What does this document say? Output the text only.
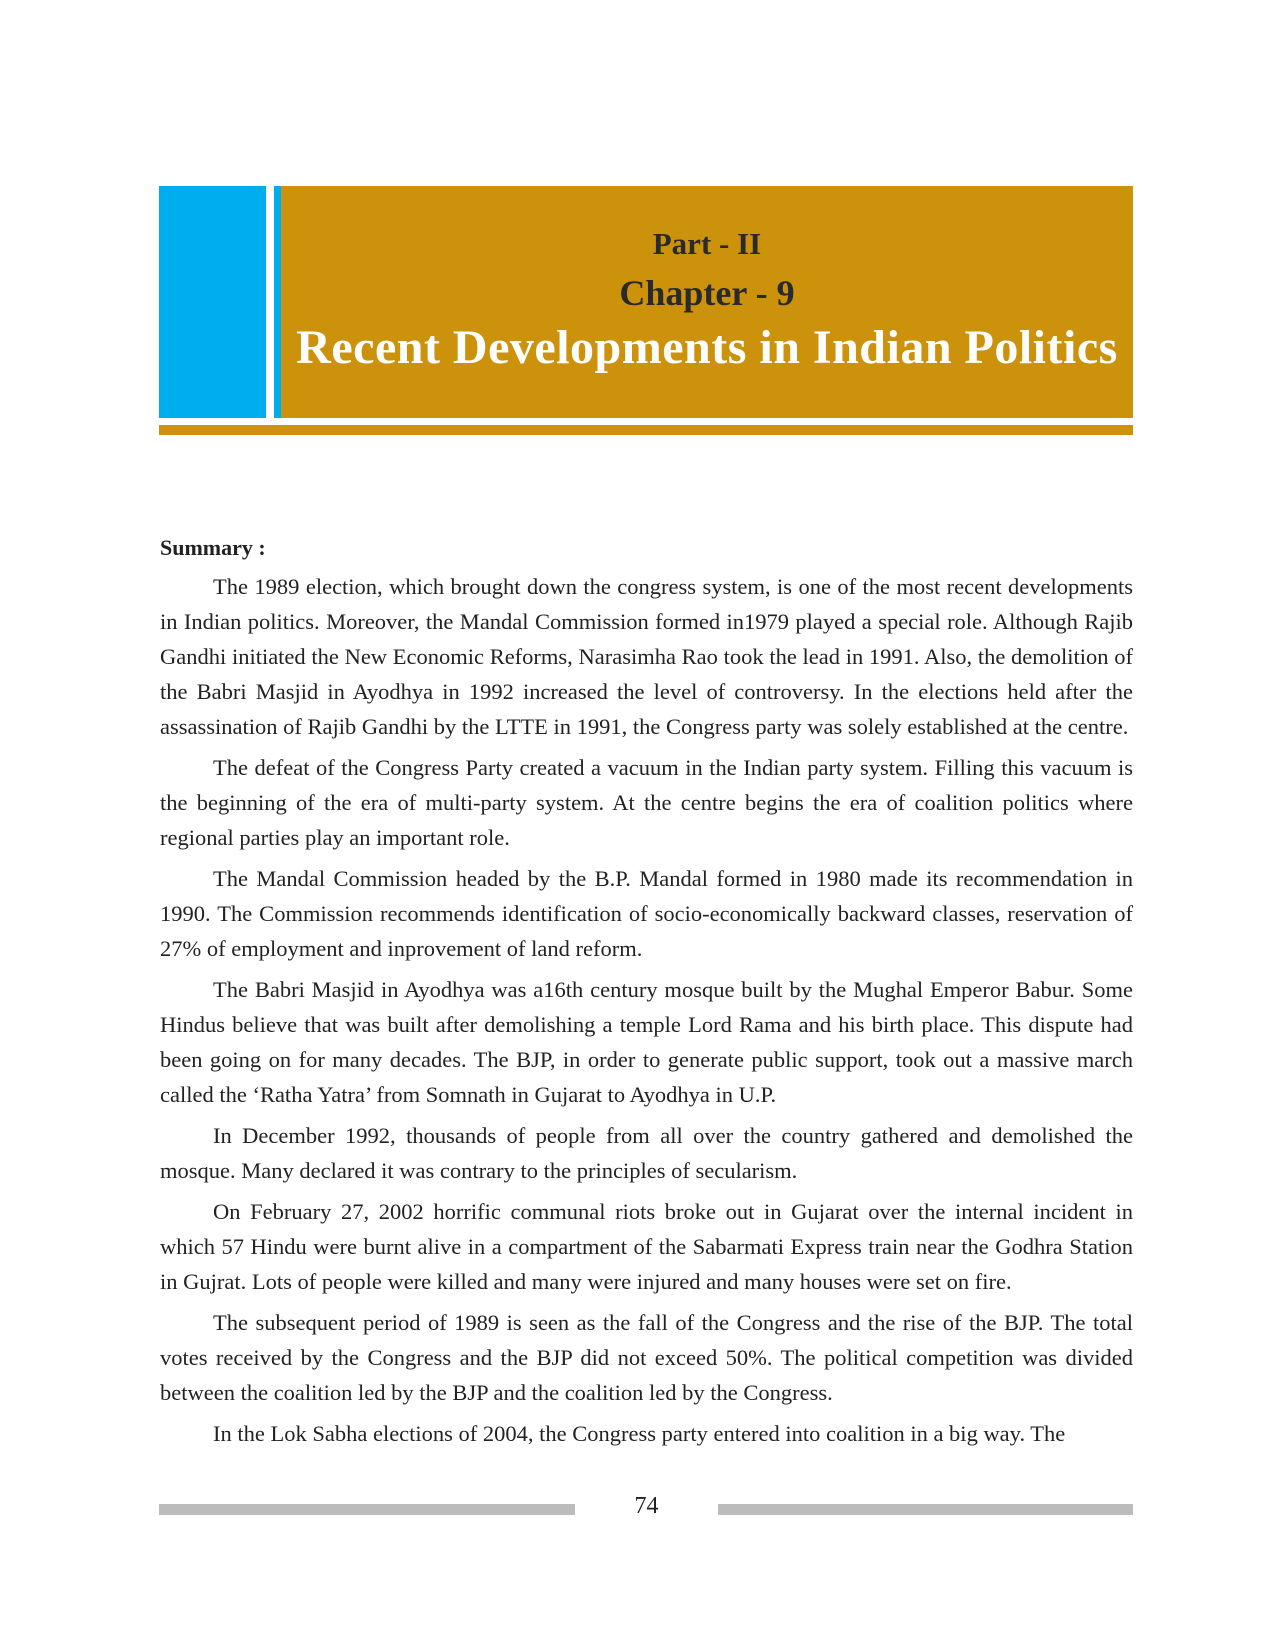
Part - II
Chapter - 9
Recent Developments in Indian Politics
Summary :

The 1989 election, which brought down the congress system, is one of the most recent developments in Indian politics. Moreover, the Mandal Commission formed in1979 played a special role. Although Rajib Gandhi initiated the New Economic Reforms, Narasimha Rao took the lead in 1991. Also, the demolition of the Babri Masjid in Ayodhya in 1992 increased the level of controversy. In the elections held after the assassination of Rajib Gandhi by the LTTE in 1991, the Congress party was solely established at the centre.

The defeat of the Congress Party created a vacuum in the Indian party system. Filling this vacuum is the beginning of the era of multi-party system. At the centre begins the era of coalition politics where regional parties play an important role.

The Mandal Commission headed by the B.P. Mandal formed in 1980 made its recommendation in 1990. The Commission recommends identification of socio-economically backward classes, reservation of 27% of employment and inprovement of land reform.

The Babri Masjid in Ayodhya was a16th century mosque built by the Mughal Emperor Babur. Some Hindus believe that was built after demolishing a temple Lord Rama and his birth place. This dispute had been going on for many decades. The BJP, in order to generate public support, took out a massive march called the ‘Ratha Yatra’ from Somnath in Gujarat to Ayodhya in U.P.

In December 1992, thousands of people from all over the country gathered and demolished the mosque. Many declared it was contrary to the principles of secularism.

On February 27, 2002 horrific communal riots broke out in Gujarat over the internal incident in which 57 Hindu were burnt alive in a compartment of the Sabarmati Express train near the Godhra Station in Gujrat. Lots of people were killed and many were injured and many houses were set on fire.

The subsequent period of 1989 is seen as the fall of the Congress and the rise of the BJP. The total votes received by the Congress and the BJP did not exceed 50%. The political competition was divided between the coalition led by the BJP and the coalition led by the Congress.

In the Lok Sabha elections of 2004, the Congress party entered into coalition in a big way. The

74
